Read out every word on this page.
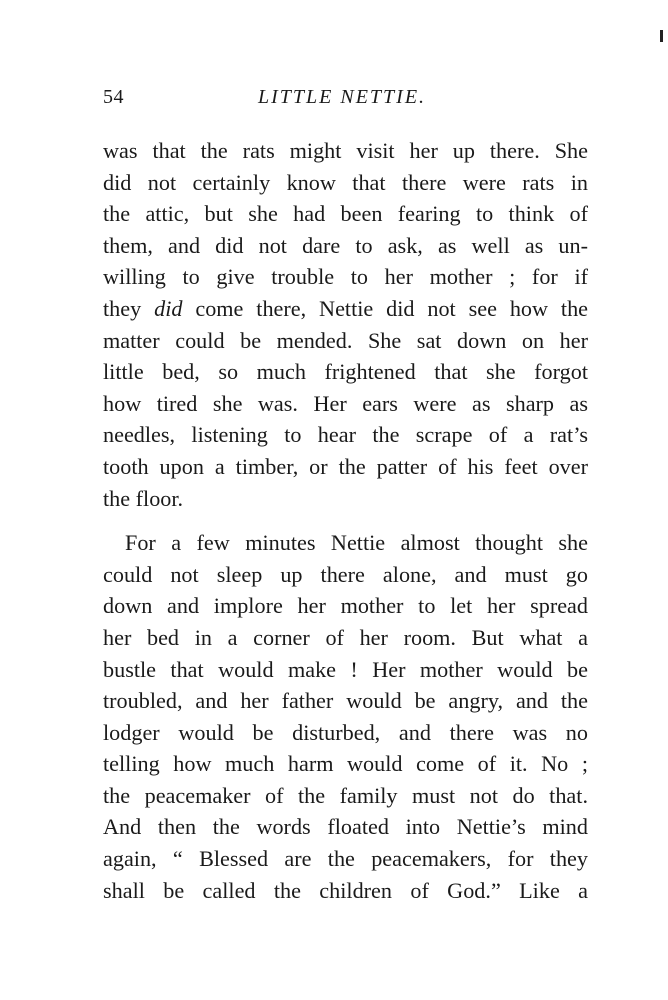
54	LITTLE NETTIE.
was that the rats might visit her up there. She
did not certainly know that there were rats in
the attic, but she had been fearing to think of
them, and did not dare to ask, as well as un-
willing to give trouble to her mother ; for if
they did come there, Nettie did not see how the
matter could be mended. She sat down on her
little bed, so much frightened that she forgot
how tired she was. Her ears were as sharp as
needles, listening to hear the scrape of a rat’s
tooth upon a timber, or the patter of his feet over
the floor.
For a few minutes Nettie almost thought she
could not sleep up there alone, and must go
down and implore her mother to let her spread
her bed in a corner of her room. But what a
bustle that would make ! Her mother would be
troubled, and her father would be angry, and the
lodger would be disturbed, and there was no
telling how much harm would come of it. No ;
the peacemaker of the family must not do that.
And then the words floated into Nettie’s mind
again, “ Blessed are the peacemakers, for they
shall be called the children of God.” Like a
